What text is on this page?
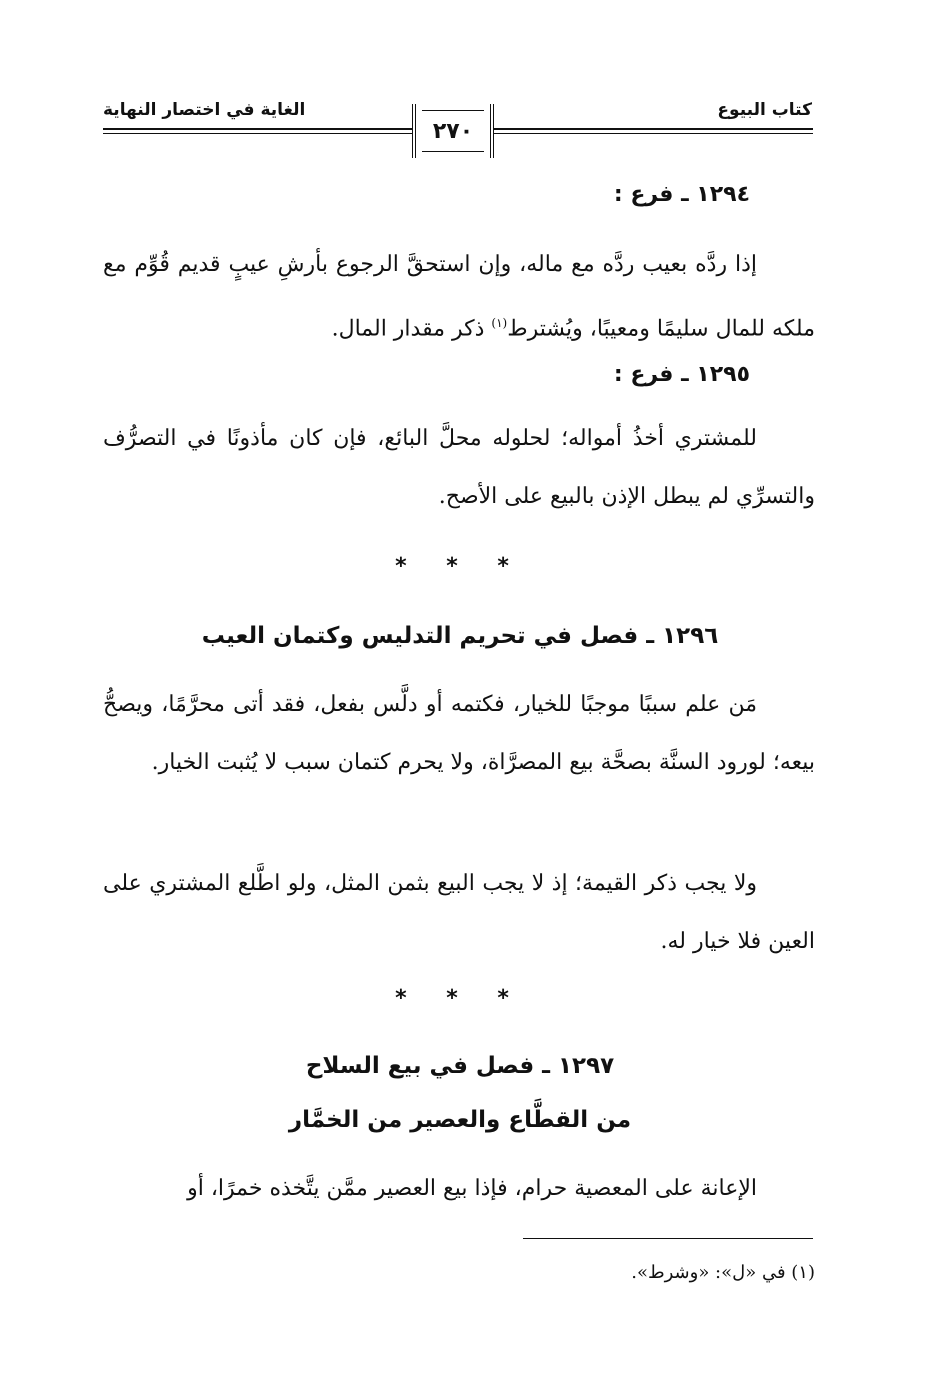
كتاب البيوع
الغاية في اختصار النهاية
٢٧٠
١٢٩٤ ـ فرع :
إذا ردَّه بعيب ردَّه مع ماله، وإن استحقَّ الرجوع بأرشِ عيبٍ قديم قُوِّم مع ملكه للمال سليمًا ومعيبًا، ويُشترط$^{(١)}$ ذكر مقدار المال.
١٢٩٥ ـ فرع :
للمشتري أخذُ أمواله؛ لحلوله محلَّ البائع، فإن كان مأذونًا في التصرُّف والتسرِّي لم يبطل الإذن بالبيع على الأصح.
* * *
١٢٩٦ ـ فصل في تحريم التدليس وكتمان العيب
مَن علم سببًا موجبًا للخيار، فكتمه أو دلَّس بفعل، فقد أتى محرَّمًا، ويصحُّ بيعه؛ لورود السنَّة بصحَّة بيع المصرَّاة، ولا يحرم كتمان سبب لا يُثبت الخيار.
ولا يجب ذكر القيمة؛ إذ لا يجب البيع بثمن المثل، ولو اطَّلع المشتري على العين فلا خيار له.
* * *
١٢٩٧ ـ فصل في بيع السلاح
من القطَّاع والعصير من الخمَّار
الإعانة على المعصية حرام، فإذا بيع العصير ممَّن يتَّخذه خمرًا، أو
(١) في «ل»: «وشرط».
